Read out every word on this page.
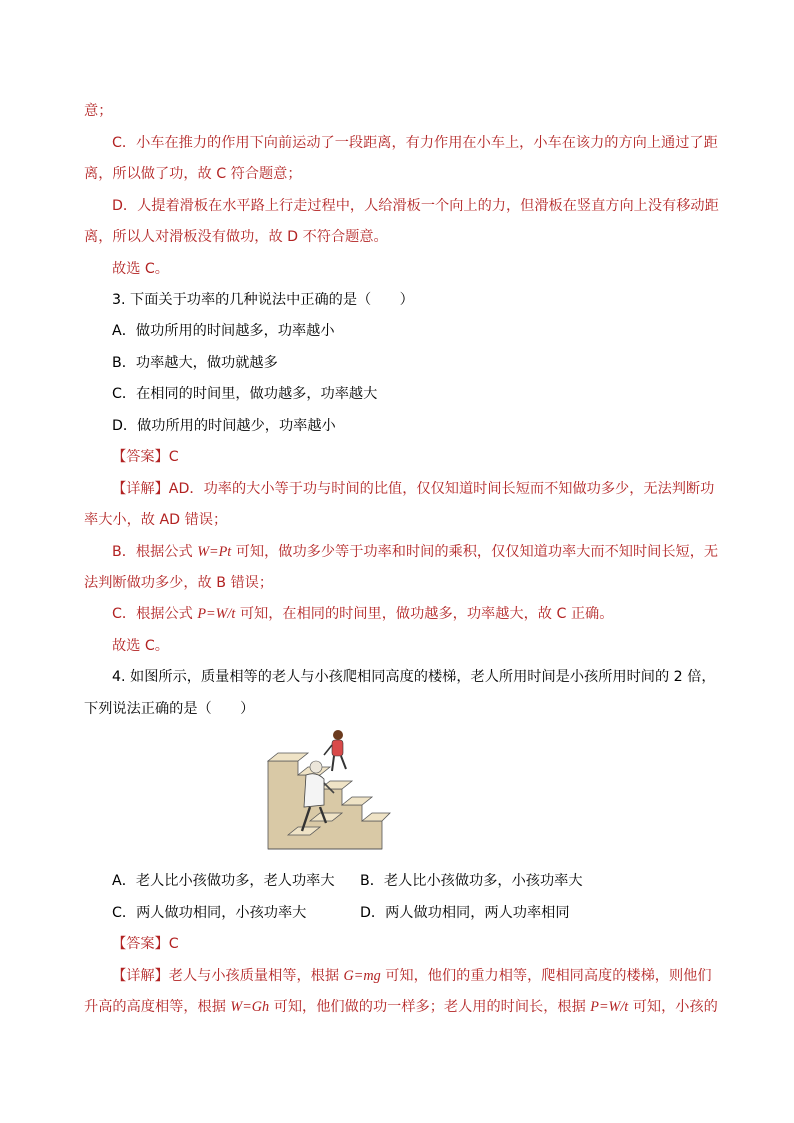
意；
C．小车在推力的作用下向前运动了一段距离，有力作用在小车上，小车在该力的方向上通过了距
离，所以做了功，故 C 符合题意；
D．人提着滑板在水平路上行走过程中，人给滑板一个向上的力，但滑板在竖直方向上没有移动距
离，所以人对滑板没有做功，故 D 不符合题意。
故选 C。
3. 下面关于功率的几种说法中正确的是（　　）
A．做功所用的时间越多，功率越小
B．功率越大，做功就越多
C．在相同的时间里，做功越多，功率越大
D．做功所用的时间越少，功率越小
【答案】C
【详解】AD．功率的大小等于功与时间的比值，仅仅知道时间长短而不知做功多少，无法判断功
率大小，故 AD 错误；
B．根据公式 W=Pt 可知，做功多少等于功率和时间的乘积，仅仅知道功率大而不知时间长短，无
法判断做功多少，故 B 错误；
C．根据公式 P=W/t 可知，在相同的时间里，做功越多，功率越大，故 C 正确。
故选 C。
4. 如图所示，质量相等的老人与小孩爬相同高度的楼梯，老人所用时间是小孩所用时间的 2 倍，
下列说法正确的是（　　）
A．老人比小孩做功多，老人功率大 B．老人比小孩做功多，小孩功率大
C．两人做功相同，小孩功率大	D．两人做功相同，两人功率相同
【答案】C
【详解】老人与小孩质量相等，根据 G=mg 可知，他们的重力相等，爬相同高度的楼梯，则他们
升高的高度相等，根据 W=Gh 可知，他们做的功一样多；老人用的时间长，根据 P=W/t 可知，小孩的
